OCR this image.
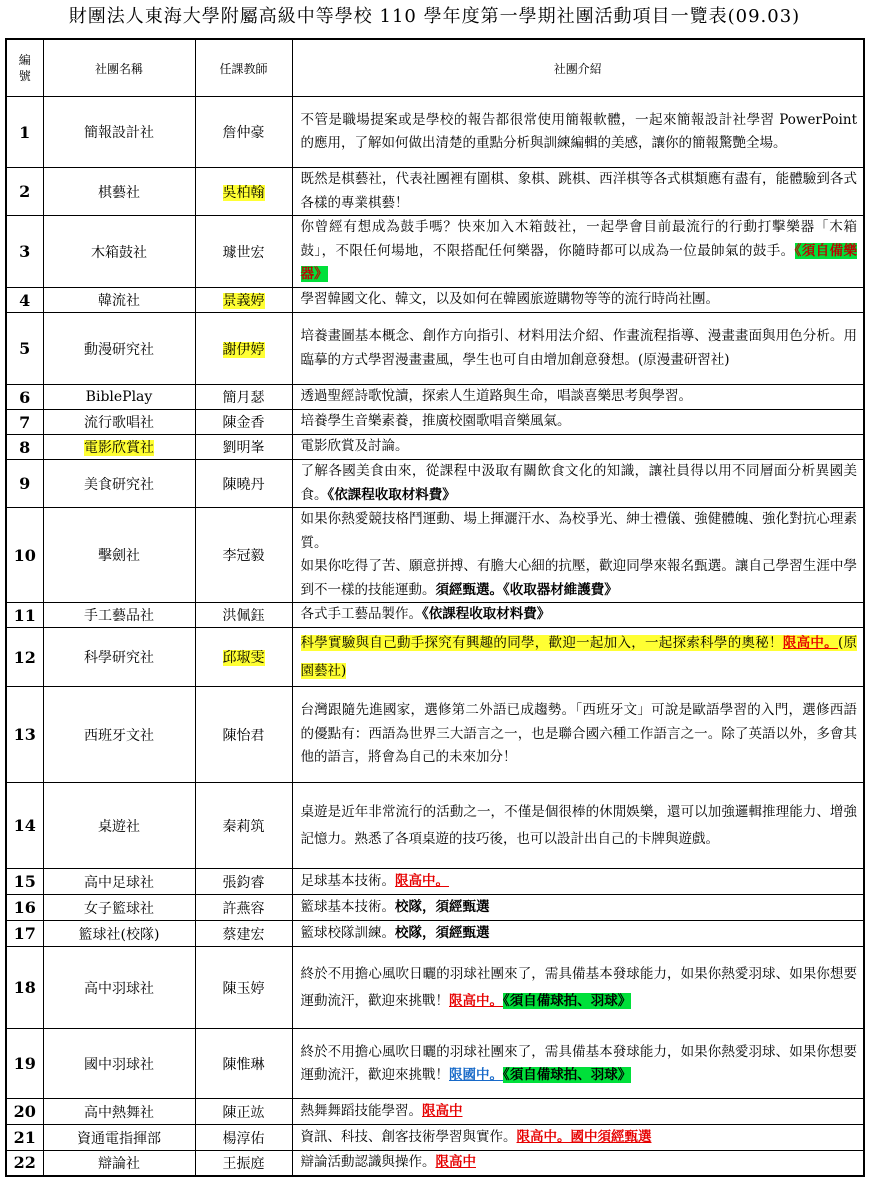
財團法人東海大學附屬高級中等學校 110 學年度第一學期社團活動項目一覽表(09.03)
編
號	社團名稱	任課教師	社團介紹
1	簡報設計社	詹仲豪	不管是職場提案或是學校的報告都很常使用簡報軟體，一起來簡報設計社學習 PowerPoint 的應用，了解如何做出清楚的重點分析與訓練編輯的美感，讓你的簡報驚艷全場。
2	棋藝社	吳柏翰	既然是棋藝社，代表社團裡有圍棋、象棋、跳棋、西洋棋等各式棋類應有盡有，能體驗到各式各樣的專業棋藝！
3	木箱鼓社	璩世宏	你曾經有想成為鼓手嗎？快來加入木箱鼓社，一起學會目前最流行的行動打擊樂器「木箱鼓」，不限任何場地，不限搭配任何樂器，你隨時都可以成為一位最帥氣的鼓手。《須自備樂器》
4	韓流社	景義婷	學習韓國文化、韓文，以及如何在韓國旅遊購物等等的流行時尚社團。
5	動漫研究社	謝伊婷	培養畫圖基本概念、創作方向指引、材料用法介紹、作畫流程指導、漫畫畫面與用色分析。用臨摹的方式學習漫畫畫風，學生也可自由增加創意發想。(原漫畫研習社)
6	BiblePlay	簡月瑟	透過聖經詩歌悅讀，探索人生道路與生命，唱談喜樂思考與學習。
7	流行歌唱社	陳金香	培養學生音樂素養，推廣校園歌唱音樂風氣。
8	電影欣賞社	劉明峯	電影欣賞及討論。
9	美食研究社	陳曉丹	了解各國美食由來，從課程中汲取有關飲食文化的知識，讓社員得以用不同層面分析異國美食。《依課程收取材料費》
10	擊劍社	李冠毅	如果你熱愛競技格鬥運動、場上揮灑汗水、為校爭光、紳士禮儀、強健體魄、強化對抗心理素質。
如果你吃得了苦、願意拼搏、有膽大心細的抗壓，歡迎同學來報名甄選。讓自己學習生涯中學到不一樣的技能運動。須經甄選。《收取器材維護費》
11	手工藝品社	洪佩鈺	各式手工藝品製作。《依課程收取材料費》
12	科學研究社	邱琡雯	科學實驗與自己動手探究有興趣的同學，歡迎一起加入，一起探索科學的奧秘！限高中。(原園藝社)
13	西班牙文社	陳怡君	台灣跟隨先進國家，選修第二外語已成趨勢。「西班牙文」可說是歐語學習的入門，選修西語的優點有：西語為世界三大語言之一，也是聯合國六種工作語言之一。除了英語以外，多會其他的語言，將會為自己的未來加分！
14	桌遊社	秦莉筑	桌遊是近年非常流行的活動之一，不僅是個很棒的休閒娛樂，還可以加強邏輯推理能力、增強記憶力。熟悉了各項桌遊的技巧後，也可以設計出自己的卡牌與遊戲。
15	高中足球社	張鈞睿	足球基本技術。限高中。
16	女子籃球社	許燕容	籃球基本技術。校隊，須經甄選
17	籃球社(校隊)	蔡建宏	籃球校隊訓練。校隊，須經甄選
18	高中羽球社	陳玉婷	終於不用擔心風吹日曬的羽球社團來了，需具備基本發球能力，如果你熱愛羽球、如果你想要運動流汗，歡迎來挑戰！限高中。《須自備球拍、羽球》
19	國中羽球社	陳惟琳	終於不用擔心風吹日曬的羽球社團來了，需具備基本發球能力，如果你熱愛羽球、如果你想要運動流汗，歡迎來挑戰！限國中。《須自備球拍、羽球》
20	高中熱舞社	陳正竑	熱舞舞蹈技能學習。限高中
21	資通電指揮部	楊淳佑	資訊、科技、創客技術學習與實作。限高中。國中須經甄選
22	辯論社	王振庭	辯論活動認識與操作。限高中
